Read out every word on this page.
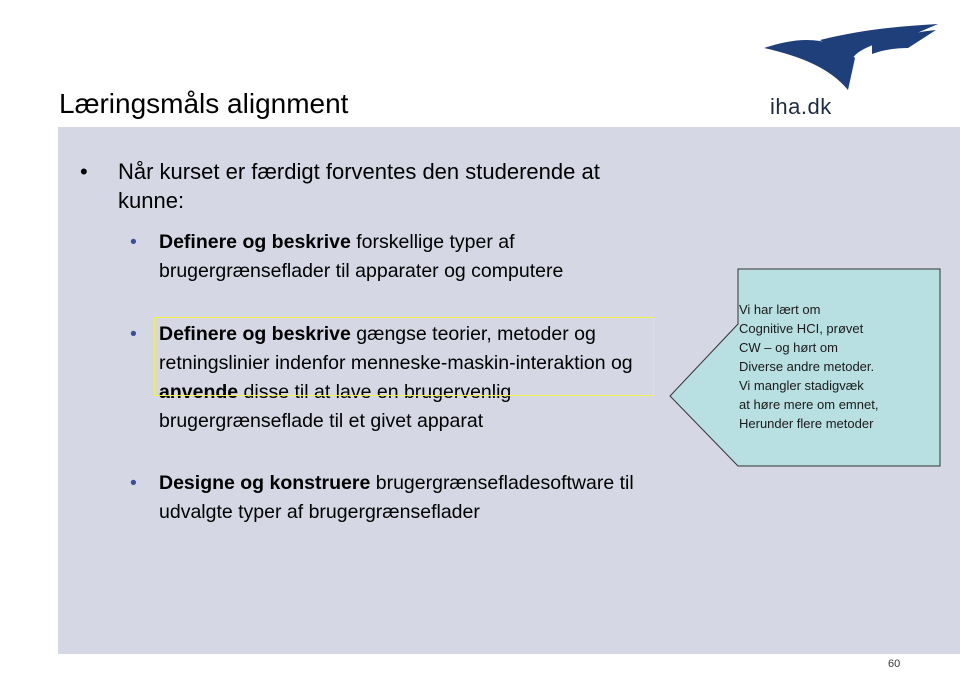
iha.dk
Læringsmåls alignment
• Når kurset er færdigt forventes den studerende at kunne:
• Definere og beskrive forskellige typer af brugergrænseflader til apparater og computere
• Definere og beskrive gængse teorier, metoder og retningslinier indenfor menneske-maskin-interaktion og anvende disse til at lave en brugervenlig brugergrænseflade til et givet apparat
• Designe og konstruere brugergrænsefladesoftware til udvalgte typer af brugergrænseflader
Vi har lært om
Cognitive HCI, prøvet
CW – og hørt om
Diverse andre metoder.
Vi mangler stadigvæk
at høre mere om emnet,
Herunder flere metoder
60
